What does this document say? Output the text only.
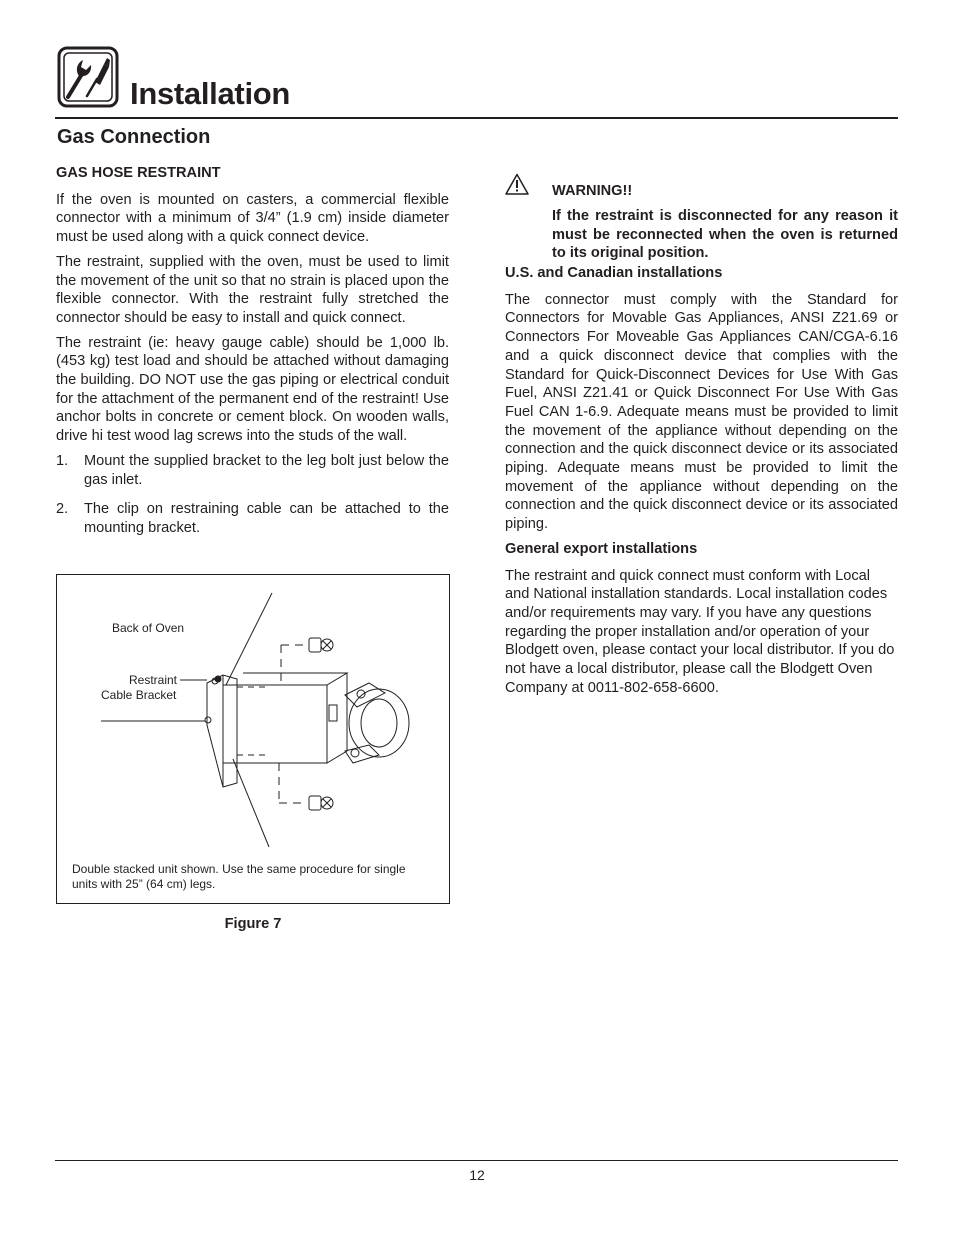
Installation
Gas Connection
GAS HOSE RESTRAINT

If the oven is mounted on casters, a commercial flexible connector with a minimum of 3/4” (1.9 cm) inside diameter must be used along with a quick connect device.

The restraint, supplied with the oven, must be used to limit the movement of the unit so that no strain is placed upon the flexible connector. With the restraint fully stretched the connector should be easy to install and quick connect.

The restraint (ie: heavy gauge cable) should be 1,000 lb. (453 kg) test load and should be attached without damaging the building. DO NOT use the gas piping or electrical conduit for the attachment of the permanent end of the restraint! Use anchor bolts in concrete or cement block. On wooden walls, drive hi test wood lag screws into the studs of the wall.

1. Mount the supplied bracket to the leg bolt just below the gas inlet.
2. The clip on restraining cable can be attached to the mounting bracket.
Back of Oven
Restraint
Cable Bracket
Double stacked unit shown. Use the same procedure for single units with 25” (64 cm) legs.
Figure 7
WARNING!!
If the restraint is disconnected for any reason it must be reconnected when the oven is returned to its original position.
U.S. and Canadian installations

The connector must comply with the Standard for Connectors for Movable Gas Appliances, ANSI Z21.69 or Connectors For Moveable Gas Appliances CAN/CGA-6.16 and a quick disconnect device that complies with the Standard for Quick-Disconnect Devices for Use With Gas Fuel, ANSI Z21.41 or Quick Disconnect For Use With Gas Fuel CAN 1-6.9. Adequate means must be provided to limit the movement of the appliance without depending on the connection and the quick disconnect device or its associated piping. Adequate means must be provided to limit the movement of the appliance without depending on the connection and the quick disconnect device or its associated piping.

General export installations

The restraint and quick connect must conform with Local and National installation standards. Local installation codes and/or requirements may vary. If you have any questions regarding the proper installation and/or operation of your Blodgett oven, please contact your local distributor. If you do not have a local distributor, please call the Blodgett Oven Company at 0011-802-658-6600.

12
